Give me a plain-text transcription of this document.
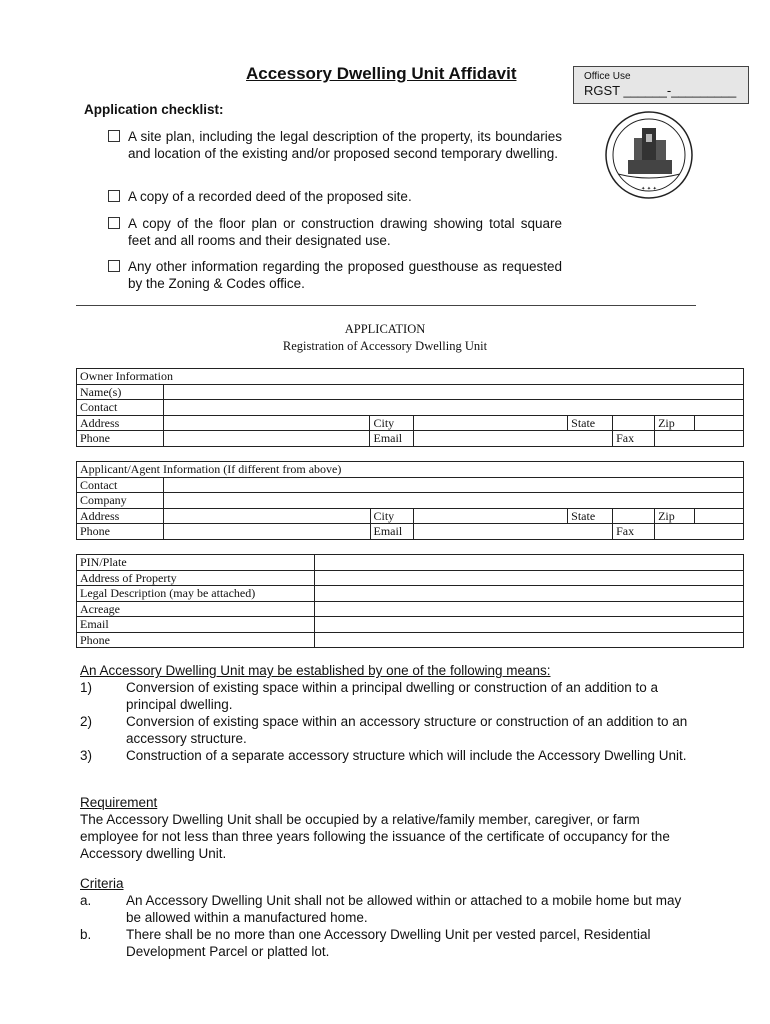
Accessory Dwelling Unit Affidavit	Office Use
RGST ______-_________
✦ ✦ ✦
Application checklist:
A site plan, including the legal description of the property, its boundaries and location of the existing and/or proposed second temporary dwelling.
A copy of a recorded deed of the proposed site.
A copy of the floor plan or construction drawing showing total square feet and all rooms and their designated use.
Any other information regarding the proposed guesthouse as requested by the Zoning & Codes office.
APPLICATION
Registration of Accessory Dwelling Unit
Owner Information							
Name(s)							
Contact							
Address		City		State		Zip	
Phone		Email			Fax		
Applicant/Agent Information (If different from above)							
Contact							
Company							
Address		City		State		Zip	
Phone		Email			Fax		
PIN/Plate	
Address of Property	
Legal Description (may be attached)	
Acreage	
Email	
Phone	
An Accessory Dwelling Unit may be established by one of the following means:
1)	Conversion of existing space within a principal dwelling or construction of an addition to a principal dwelling.
2)	Conversion of existing space within an accessory structure or construction of an addition to an accessory structure.
3)	Construction of a separate accessory structure which will include the Accessory Dwelling Unit.
Requirement
The Accessory Dwelling Unit shall be occupied by a relative/family member, caregiver, or farm employee for not less than three years following the issuance of the certificate of occupancy for the Accessory dwelling Unit.
Criteria
a.	An Accessory Dwelling Unit shall not be allowed within or attached to a mobile home but may be allowed within a manufactured home.
b.	There shall be no more than one Accessory Dwelling Unit per vested parcel, Residential Development Parcel or platted lot.
